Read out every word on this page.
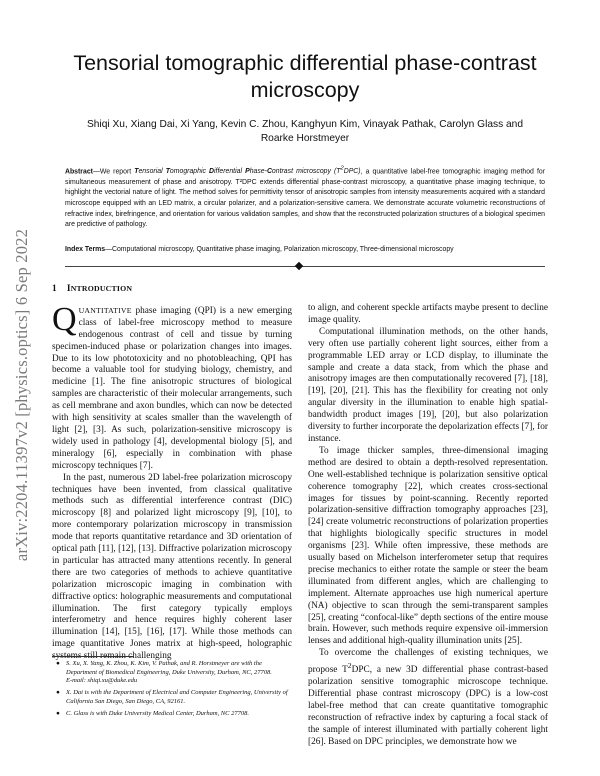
arXiv:2204.11397v2 [physics.optics] 6 Sep 2022
Tensorial tomographic differential phase-contrast microscopy

Shiqi Xu, Xiang Dai, Xi Yang, Kevin C. Zhou, Kanghyun Kim, Vinayak Pathak, Carolyn Glass and Roarke Horstmeyer

Abstract—We report Tensorial Tomographic Differential Phase-Contrast microscopy $(T^2DPC)$, a quantitative label-free tomographic imaging method for simultaneous measurement of phase and anisotropy. T²DPC extends differential phase-contrast microscopy, a quantitative phase imaging technique, to highlight the vectorial nature of light. The method solves for permittivity tensor of anisotropic samples from intensity measurements acquired with a standard microscope equipped with an LED matrix, a circular polarizer, and a polarization-sensitive camera. We demonstrate accurate volumetric reconstructions of refractive index, birefringence, and orientation for various validation samples, and show that the reconstructed polarization structures of a biological specimen are predictive of pathology.

Index Terms—Computational microscopy, Quantitative phase imaging, Polarization microscopy, Three-dimensional microscopy

1 INTRODUCTION

QUANTITATIVE phase imaging (QPI) is a new emerging class of label-free microscopy method to measure endogenous contrast of cell and tissue by turning specimen-induced phase or polarization changes into images. Due to its low phototoxicity and no photobleaching, QPI has become a valuable tool for studying biology, chemistry, and medicine [1]. The fine anisotropic structures of biological samples are characteristic of their molecular arrangements, such as cell membrane and axon bundles, which can now be detected with high sensitivity at scales smaller than the wavelength of light [2], [3]. As such, polarization-sensitive microscopy is widely used in pathology [4], developmental biology [5], and mineralogy [6], especially in combination with phase microscopy techniques [7].

In the past, numerous 2D label-free polarization microscopy techniques have been invented, from classical qualitative methods such as differential interference contrast (DIC) microscopy [8] and polarized light microscopy [9], [10], to more contemporary polarization microscopy in transmission mode that reports quantitative retardance and 3D orientation of optical path [11], [12], [13]. Diffractive polarization microscopy in particular has attracted many attentions recently. In general there are two categories of methods to achieve quantitative polarization microscopic imaging in combination with diffractive optics: holographic measurements and computational illumination. The first category typically employs interferometry and hence requires highly coherent laser illumination [14], [15], [16], [17]. While those methods can image quantitative Jones matrix at high-speed, holographic systems still remain challenging

to align, and coherent speckle artifacts maybe present to decline image quality.

Computational illumination methods, on the other hands, very often use partially coherent light sources, either from a programmable LED array or LCD display, to illuminate the sample and create a data stack, from which the phase and anisotropy images are then computationally recovered [7], [18], [19], [20], [21]. This has the flexibility for creating not only angular diversity in the illumination to enable high spatial-bandwidth product images [19], [20], but also polarization diversity to further incorporate the depolarization effects [7], for instance.

To image thicker samples, three-dimensional imaging method are desired to obtain a depth-resolved representation. One well-established technique is polarization sensitive optical coherence tomography [22], which creates cross-sectional images for tissues by point-scanning. Recently reported polarization-sensitive diffraction tomography approaches [23], [24] create volumetric reconstructions of polarization properties that highlights biologically specific structures in model organisms [23]. While often impressive, these methods are usually based on Michelson interferometer setup that requires precise mechanics to either rotate the sample or steer the beam illuminated from different angles, which are challenging to implement. Alternate approaches use high numerical aperture (NA) objective to scan through the semi-transparent samples [25], creating “confocal-like” depth sections of the entire mouse brain. However, such methods require expensive oil-immersion lenses and additional high-quality illumination units [25].

To overcome the challenges of existing techniques, we propose $T^2DPC$, a new 3D differential phase contrast-based polarization sensitive tomographic microscope technique. Differential phase contrast microscopy (DPC) is a low-cost label-free method that can create quantitative tomographic reconstruction of refractive index by capturing a focal stack of the sample of interest illuminated with partially coherent light [26]. Based on DPC principles, we demonstrate how we

● S. Xu, X. Yang, K. Zhou, K. Kim, V. Pathak, and R. Horstmeyer are with the Department of Biomedical Engineering, Duke University, Durham, NC, 27708.
E-mail: shiqi.xu@duke.edu
● X. Dai is with the Department of Electrical and Computer Engineering, University of California San Diego, San Diego, CA, 92161.
● C. Glass is with Duke University Medical Center, Durham, NC 27708.
